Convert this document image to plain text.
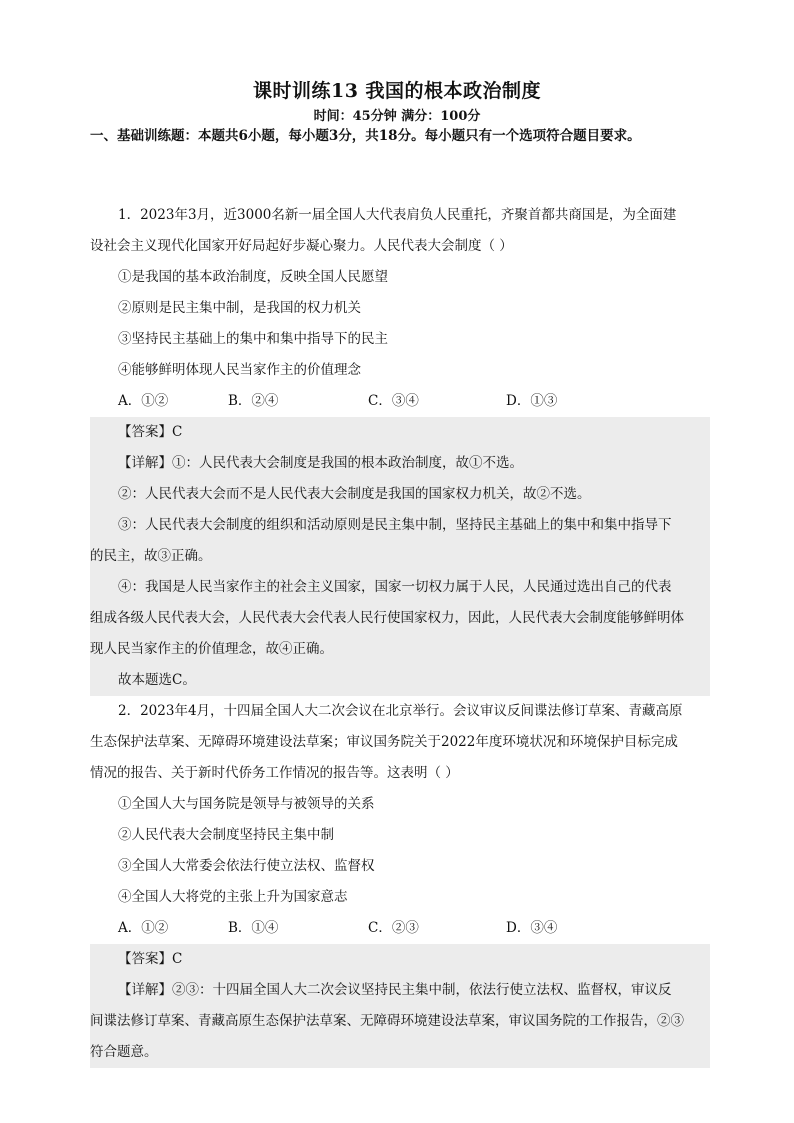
课时训练13 我国的根本政治制度
时间：45分钟 满分：100分
一、基础训练题：本题共6小题，每小题3分，共18分。每小题只有一个选项符合题目要求。
1．2023年3月，近3000名新一届全国人大代表肩负人民重托，齐聚首都共商国是，为全面建
设社会主义现代化国家开好局起好步凝心聚力。人民代表大会制度（ ）
①是我国的基本政治制度，反映全国人民愿望
②原则是民主集中制，是我国的权力机关
③坚持民主基础上的集中和集中指导下的民主
④能够鲜明体现人民当家作主的价值理念
A．①②	B．②④	C．③④	D．①③
【答案】C
【详解】①：人民代表大会制度是我国的根本政治制度，故①不选。
②：人民代表大会而不是人民代表大会制度是我国的国家权力机关，故②不选。
③：人民代表大会制度的组织和活动原则是民主集中制，坚持民主基础上的集中和集中指导下
的民主，故③正确。
④：我国是人民当家作主的社会主义国家，国家一切权力属于人民，人民通过选出自己的代表
组成各级人民代表大会，人民代表大会代表人民行使国家权力，因此，人民代表大会制度能够鲜明体
现人民当家作主的价值理念，故④正确。
故本题选C。
2．2023年4月，十四届全国人大二次会议在北京举行。会议审议反间谍法修订草案、青藏高原
生态保护法草案、无障碍环境建设法草案；审议国务院关于2022年度环境状况和环境保护目标完成
情况的报告、关于新时代侨务工作情况的报告等。这表明（ ）
①全国人大与国务院是领导与被领导的关系
②人民代表大会制度坚持民主集中制
③全国人大常委会依法行使立法权、监督权
④全国人大将党的主张上升为国家意志
A．①②	B．①④	C．②③	D．③④
【答案】C
【详解】②③：十四届全国人大二次会议坚持民主集中制，依法行使立法权、监督权，审议反
间谍法修订草案、青藏高原生态保护法草案、无障碍环境建设法草案，审议国务院的工作报告，②③
符合题意。
